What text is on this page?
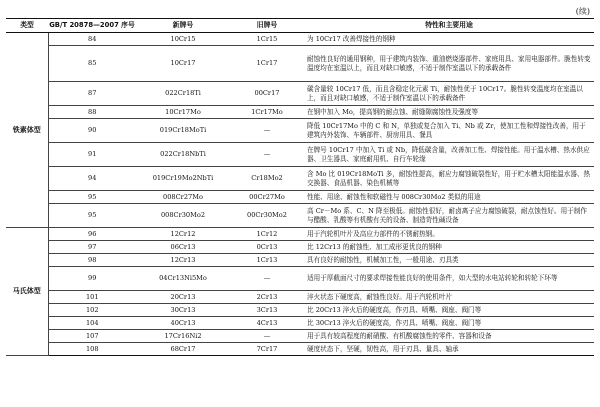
(续)
类型	GB/T 20878—2007 序号	新牌号	旧牌号	特性和主要用途
铁素体型	84	10Cr15	1Cr15	为 10Cr17 改善焊接性的钢种
	85	10Cr17	1Cr17	耐蚀性良好的通用钢种，用于建筑内装饰、重油燃烧器部件、家庭用具、家用电器部件。脆性转变温度均在室温以上，而且对缺口敏感，不适于制作室温以下的承载备件
	87	022Cr18Ti	00Cr17	碳含量较 10Cr17 低，而且含稳定化元素 Ti，耐蚀性优于 10Cr17。脆性转变温度均在室温以上，而且对缺口敏感，不适于制作室温以下的承载备件
	88	10Cr17Mo	1Cr17Mo	在钢中加入 Mo，提高钢的耐点蚀、耐缝隙腐蚀性及强度等
	90	019Cr18MoTi	—	降低 10Cr17Mo 中的 C 和 N，单独或复合加入 Ti、Nb 或 Zr，使加工性和焊接性改善，用于建筑内外装饰、车辆部件、厨房用具、餐具
	91	022Cr18NbTi	—	在牌号 10Cr17 中加入 Ti 或 Nb，降低碳含量，改善加工性、焊接性能。用于温水槽、热水供应器、卫生器具、家庭耐用机、自行车轮缘
	94	019Cr19Mo2NbTi	Cr18Mo2	含 Mo 比 019Cr18MoTi 多，耐蚀性提高，耐应力腐蚀破裂性好，用于贮水槽太阳能温水器、热交换器、食品机器、染色机械等
	95	008Cr27Mo	00Cr27Mo	性能、用途、耐蚀性和软磁性与 008Cr30Mo2 类似的用途
	95	008Cr30Mo2	00Cr30Mo2	高 Cr－Mo 系、C、N 降至极低。耐蚀性很好，耐卤离子应力腐蚀破裂，耐点蚀性好。用于制作与醋酸、乳酸等有机酸有关的设备、制造苛性碱设备
马氏体型	96	12Cr12	1Cr12	用于汽轮机叶片及高应力部件的不锈耐热钢。
	97	06Cr13	0Cr13	比 12Cr13 的耐蚀性、加工成形更优良的钢种
	98	12Cr13	1Cr13	具有良好的耐蚀性，机械加工性，一般用途、刃具类
	99	04Cr13Ni5Mo	—	适用于厚截面尺寸的要求焊接性能良好的使用条件，如大型的水电站转轮和转轮下环等
	101	20Cr13	2Cr13	淬火状态下硬度高，耐蚀性良好。用于汽轮机叶片
	102	30Cr13	3Cr13	比 20Cr13 淬火后的硬度高，作刃具、喷嘴、阀座、阀门等
	104	40Cr13	4Cr13	比 30Cr13 淬火后的硬度高，作刃具、喷嘴、阀座、阀门等
	107	17Cr16Ni2	—	用于具有较高程度的耐硝酸、有机酸腐蚀性的零件、容器和设备
	108	68Cr17	7Cr17	硬度状态下，坚硬，韧性高，用于刃具、量具、轴承
